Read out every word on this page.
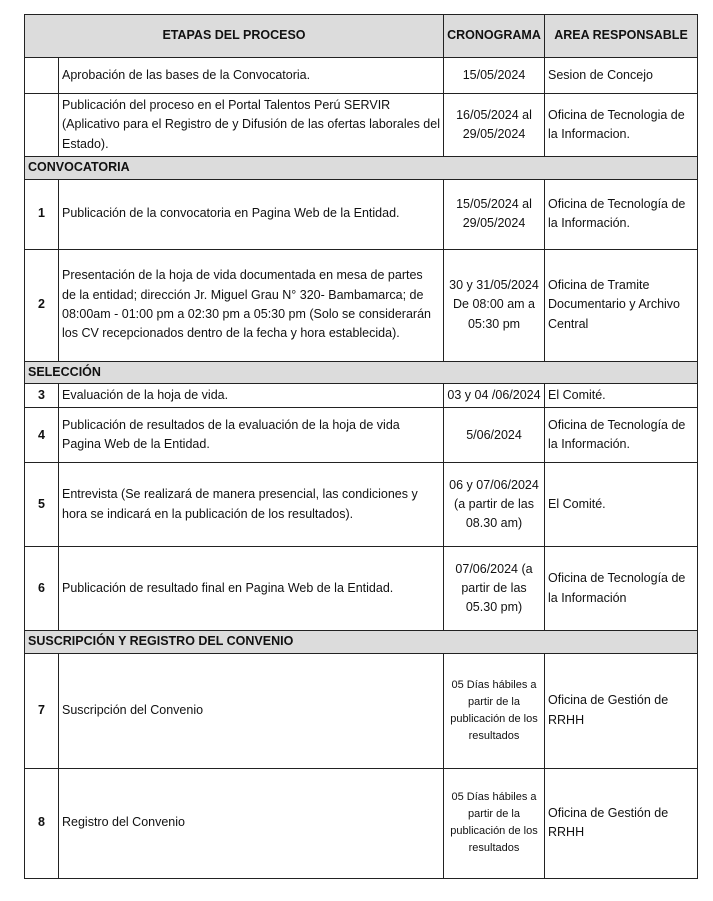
ETAPAS DEL PROCESO		CRONOGRAMA	AREA RESPONSABLE
	Aprobación de las bases de la Convocatoria.	15/05/2024	Sesion de Concejo
	Publicación del proceso en el Portal Talentos Perú SERVIR (Aplicativo para el Registro de y Difusión de las ofertas laborales del Estado).	16/05/2024 al 29/05/2024	Oficina de Tecnologia de la Informacion.
CONVOCATORIA			
1	Publicación de la convocatoria en Pagina Web de la Entidad.	15/05/2024 al 29/05/2024	Oficina de Tecnología de la Información.
2	Presentación de la hoja de vida documentada en mesa de partes de la entidad; dirección Jr. Miguel Grau N° 320- Bambamarca; de 08:00am - 01:00 pm a 02:30 pm a 05:30 pm (Solo se considerarán los CV recepcionados dentro de la fecha y hora establecida).	30 y 31/05/2024 De 08:00 am a 05:30 pm	Oficina de Tramite Documentario y Archivo Central
SELECCIÓN			
3	Evaluación de la hoja de vida.	03 y 04 /06/2024	El Comité.
4	Publicación de resultados de la evaluación de la hoja de vida Pagina Web de la Entidad.	5/06/2024	Oficina de Tecnología de la Información.
5	Entrevista (Se realizará de manera presencial, las condiciones y hora se indicará en la publicación de los resultados).	06 y 07/06/2024 (a partir de las 08.30 am)	El Comité.
6	Publicación de resultado final en Pagina Web de la Entidad.	07/06/2024 (a partir de las 05.30 pm)	Oficina de Tecnología de la Información
SUSCRIPCIÓN Y REGISTRO DEL CONVENIO			
7	Suscripción del Convenio	05 Días hábiles a partir de la publicación de los resultados	Oficina de Gestión de RRHH
8	Registro del Convenio	05 Días hábiles a partir de la publicación de los resultados	Oficina de Gestión de RRHH
